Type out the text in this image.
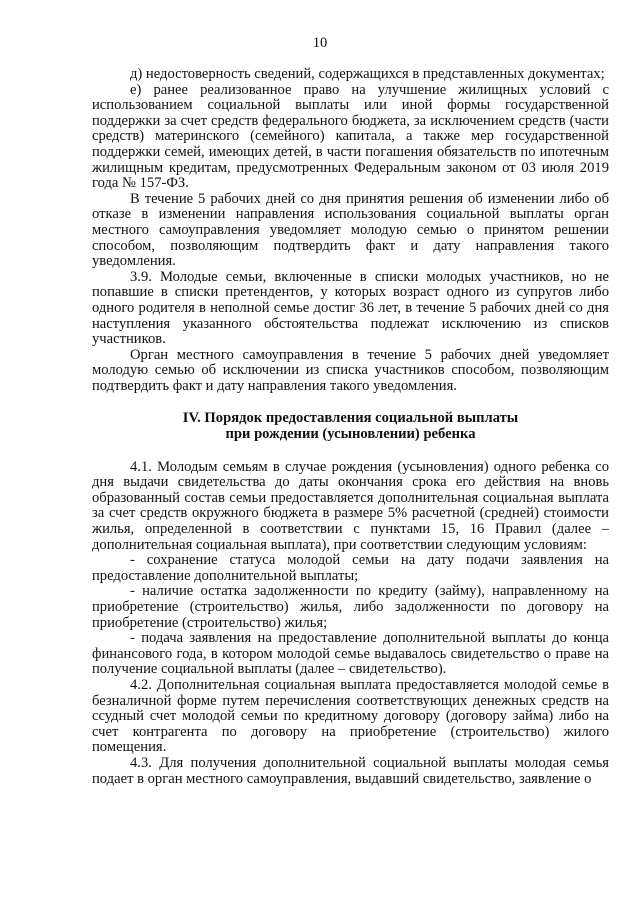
10

д) недостоверность сведений, содержащихся в представленных документах;

е) ранее реализованное право на улучшение жилищных условий с использованием социальной выплаты или иной формы государственной поддержки за счет средств федерального бюджета, за исключением средств (части средств) материнского (семейного) капитала, а также мер государственной поддержки семей, имеющих детей, в части погашения обязательств по ипотечным жилищным кредитам, предусмотренных Федеральным законом от 03 июля 2019 года № 157-ФЗ.

В течение 5 рабочих дней со дня принятия решения об изменении либо об отказе в изменении направления использования социальной выплаты орган местного самоуправления уведомляет молодую семью о принятом решении способом, позволяющим подтвердить факт и дату направления такого уведомления.

3.9. Молодые семьи, включенные в списки молодых участников, но не попавшие в списки претендентов, у которых возраст одного из супругов либо одного родителя в неполной семье достиг 36 лет, в течение 5 рабочих дней со дня наступления указанного обстоятельства подлежат исключению из списков участников.

Орган местного самоуправления в течение 5 рабочих дней уведомляет молодую семью об исключении из списка участников способом, позволяющим подтвердить факт и дату направления такого уведомления.

IV. Порядок предоставления социальной выплаты
при рождении (усыновлении) ребенка

4.1. Молодым семьям в случае рождения (усыновления) одного ребенка со дня выдачи свидетельства до даты окончания срока его действия на вновь образованный состав семьи предоставляется дополнительная социальная выплата за счет средств окружного бюджета в размере 5% расчетной (средней) стоимости жилья, определенной в соответствии с пунктами 15, 16 Правил (далее – дополнительная социальная выплата), при соответствии следующим условиям:

- сохранение статуса молодой семьи на дату подачи заявления на предоставление дополнительной выплаты;

- наличие остатка задолженности по кредиту (займу), направленному на приобретение (строительство) жилья, либо задолженности по договору на приобретение (строительство) жилья;

- подача заявления на предоставление дополнительной выплаты до конца финансового года, в котором молодой семье выдавалось свидетельство о праве на получение социальной выплаты (далее – свидетельство).

4.2. Дополнительная социальная выплата предоставляется молодой семье в безналичной форме путем перечисления соответствующих денежных средств на ссудный счет молодой семьи по кредитному договору (договору займа) либо на счет контрагента по договору на приобретение (строительство) жилого помещения.

4.3. Для получения дополнительной социальной выплаты молодая семья подает в орган местного самоуправления, выдавший свидетельство, заявление о
